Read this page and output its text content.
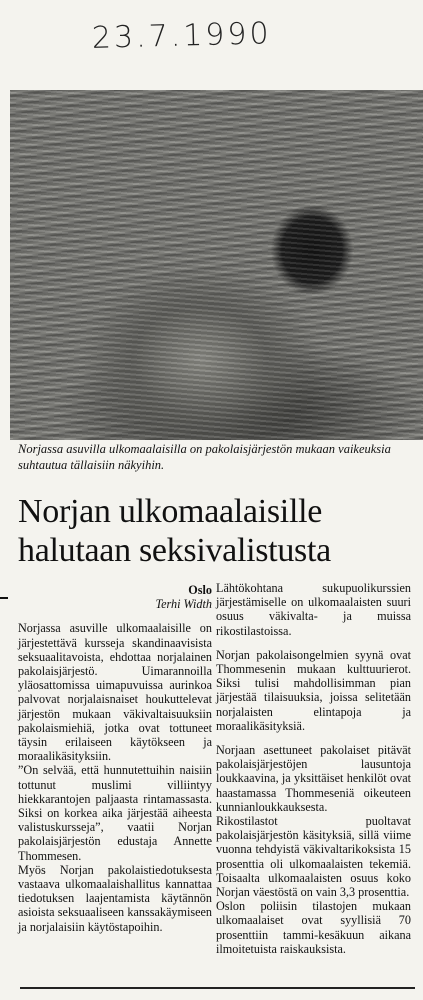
23.7.1990
Norjassa asuvilla ulkomaalaisilla on pakolaisjärjestön mukaan vaikeuksia suhtautua tällaisiin näkyihin.
Norjan ulkomaalaisille halutaan seksivalistusta

Oslo

Terhi Width

Norjassa asuville ulkomaalaisille on järjestettävä kursseja skandinaavisista seksuaalitavoista, ehdottaa norjalainen pakolaisjärjestö. Uimarannoilla yläosattomissa uimapuvuissa aurinkoa palvovat norjalaisnaiset houkuttelevat järjestön mukaan väkivaltaisuuksiin pakolaismiehiä, jotka ovat tottuneet täysin erilaiseen käytökseen ja moraalikäsityksiin.

”On selvää, että hunnutettuihin naisiin tottunut muslimi villiintyy hiekkarantojen paljaasta rintamassasta. Siksi on korkea aika järjestää aiheesta valistuskursseja”, vaatii Norjan pakolaisjärjestön edustaja Annette Thommesen.

Myös Norjan pakolaistiedotuksesta vastaava ulkomaalaishallitus kannattaa tiedotuksen laajentamista käytännön asioista seksuaaliseen kanssakäymiseen ja norjalaisiin käytöstapoihin.

Lähtökohtana sukupuolikurssien järjestämiselle on ulkomaalaisten suuri osuus väkivalta- ja muissa rikostilastoissa.

Norjan pakolaisongelmien syynä ovat Thommesenin mukaan kulttuurierot. Siksi tulisi mahdollisimman pian järjestää tilaisuuksia, joissa selitetään norjalaisten elintapoja ja moraalikäsityksiä.

Norjaan asettuneet pakolaiset pitävät pakolaisjärjestöjen lausuntoja loukkaavina, ja yksittäiset henkilöt ovat haastamassa Thommeseniä oikeuteen kunnianloukkauksesta.

Rikostilastot puoltavat pakolaisjärjestön käsityksiä, sillä viime vuonna tehdyistä väkivaltarikoksista 15 prosenttia oli ulkomaalaisten tekemiä. Toisaalta ulkomaalaisten osuus koko Norjan väestöstä on vain 3,3 prosenttia.

Oslon poliisin tilastojen mukaan ulkomaalaiset ovat syyllisiä 70 prosenttiin tammi-kesäkuun aikana ilmoitetuista raiskauksista.
